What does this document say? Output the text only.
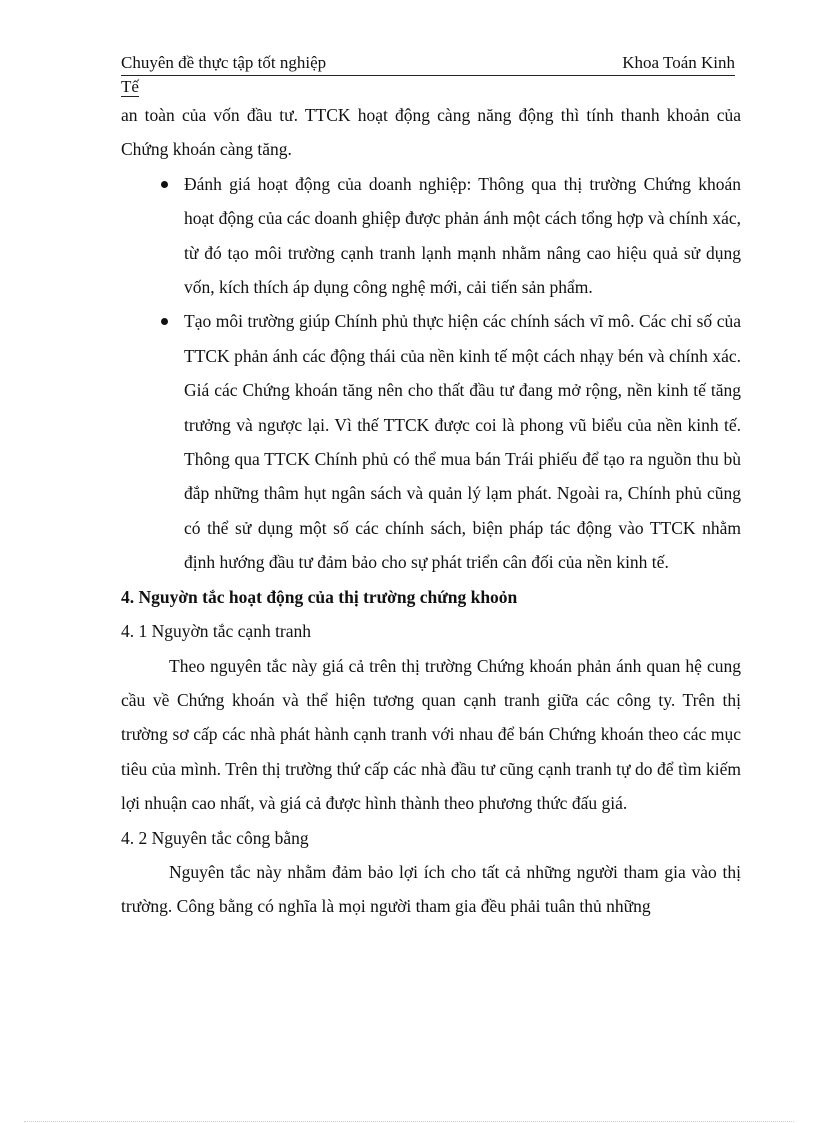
Chuyên đề thực tập tốt nghiệp	Khoa Toán Kinh
Tế

an toàn của vốn đầu tư. TTCK hoạt động càng năng động thì tính thanh khoản của Chứng khoán càng tăng.

Đánh giá hoạt động của doanh nghiệp: Thông qua thị trường Chứng khoán hoạt động của các doanh ghiệp được phản ánh một cách tổng hợp và chính xác, từ đó tạo môi trường cạnh tranh lạnh mạnh nhằm nâng cao hiệu quả sử dụng vốn, kích thích áp dụng công nghệ mới, cải tiến sản phẩm.
Tạo môi trường giúp Chính phủ thực hiện các chính sách vĩ mô. Các chỉ số của TTCK phản ánh các động thái của nền kinh tế một cách nhạy bén và chính xác. Giá các Chứng khoán tăng nên cho thất đầu tư đang mở rộng, nền kinh tế tăng trưởng và ngược lại. Vì thế TTCK được coi là phong vũ biểu của nền kinh tế. Thông qua TTCK Chính phủ có thể mua bán Trái phiếu để tạo ra nguồn thu bù đắp những thâm hụt ngân sách và quản lý lạm phát. Ngoài ra, Chính phủ cũng có thể sử dụng một số các chính sách, biện pháp tác động vào TTCK nhằm định hướng đầu tư đảm bảo cho sự phát triển cân đối của nền kinh tế.

4. Nguyờn tắc hoạt động của thị trường chứng khoỏn

4. 1 Nguyờn tắc cạnh tranh

Theo nguyên tắc này giá cả trên thị trường Chứng khoán phản ánh quan hệ cung cầu về Chứng khoán và thể hiện tương quan cạnh tranh giữa các công ty. Trên thị trường sơ cấp các nhà phát hành cạnh tranh với nhau để bán Chứng khoán theo các mục tiêu của mình. Trên thị trường thứ cấp các nhà đầu tư cũng cạnh tranh tự do để tìm kiếm lợi nhuận cao nhất, và giá cả được hình thành theo phương thức đấu giá.

4. 2 Nguyên tắc công bằng

Nguyên tắc này nhằm đảm bảo lợi ích cho tất cả những người tham gia vào thị trường. Công bằng có nghĩa là mọi người tham gia đều phải tuân thủ những
